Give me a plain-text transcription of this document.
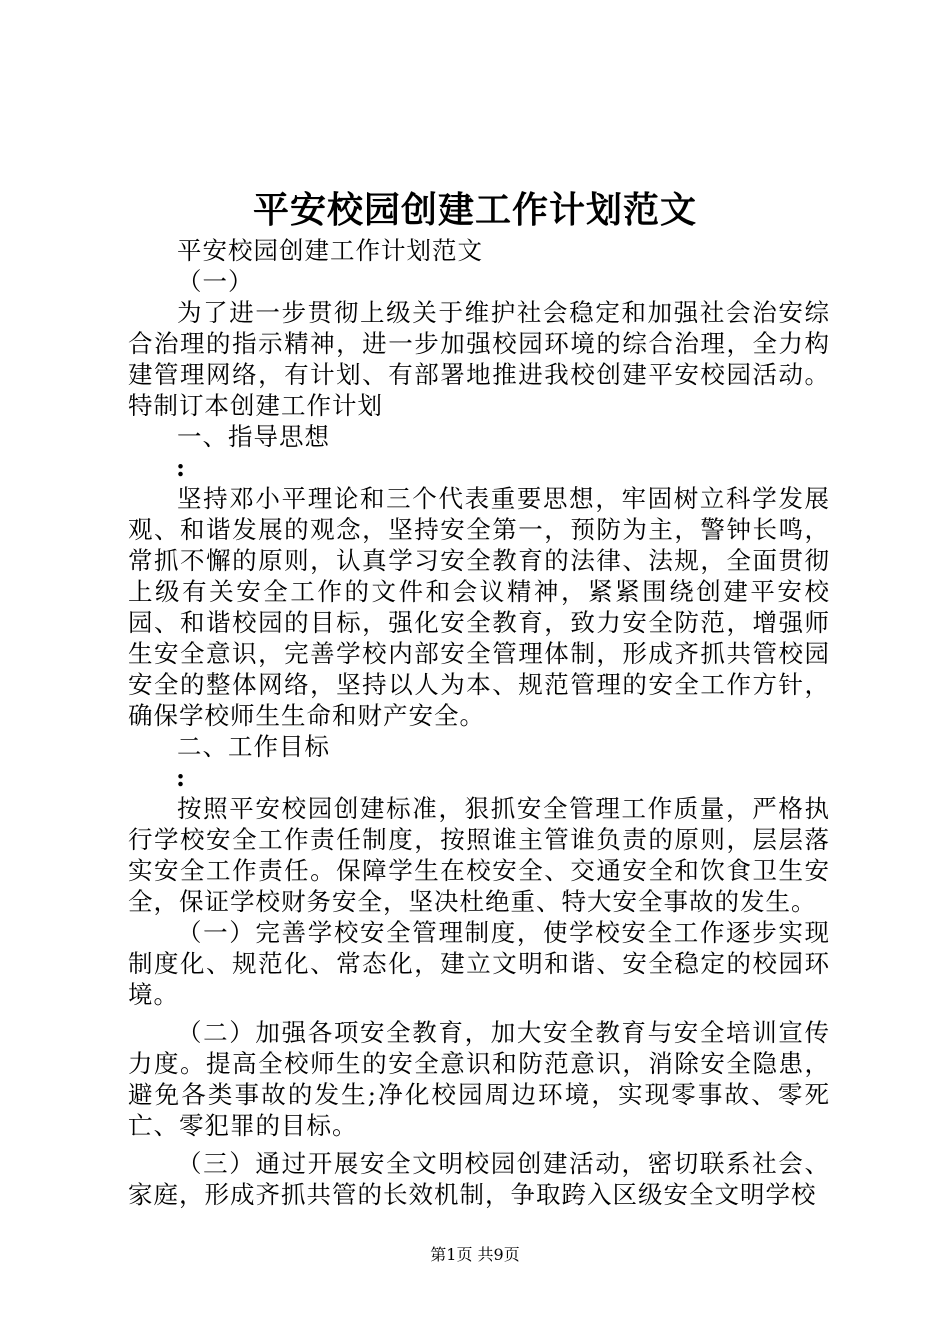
平安校园创建工作计划范文

平安校园创建工作计划范文

（一）

为了进一步贯彻上级关于维护社会稳定和加强社会治安综合治理的指示精神，进一步加强校园环境的综合治理，全力构建管理网络，有计划、有部署地推进我校创建平安校园活动。特制订本创建工作计划

一、指导思想

:

坚持邓小平理论和三个代表重要思想，牢固树立科学发展观、和谐发展的观念，坚持安全第一，预防为主，警钟长鸣，常抓不懈的原则，认真学习安全教育的法律、法规，全面贯彻上级有关安全工作的文件和会议精神，紧紧围绕创建平安校园、和谐校园的目标，强化安全教育，致力安全防范，增强师生安全意识，完善学校内部安全管理体制，形成齐抓共管校园安全的整体网络，坚持以人为本、规范管理的安全工作方针，确保学校师生生命和财产安全。

二、工作目标

:

按照平安校园创建标准，狠抓安全管理工作质量，严格执行学校安全工作责任制度，按照谁主管谁负责的原则，层层落实安全工作责任。保障学生在校安全、交通安全和饮食卫生安全，保证学校财务安全，坚决杜绝重、特大安全事故的发生。

（一）完善学校安全管理制度，使学校安全工作逐步实现制度化、规范化、常态化，建立文明和谐、安全稳定的校园环境。

（二）加强各项安全教育，加大安全教育与安全培训宣传力度。提高全校师生的安全意识和防范意识，消除安全隐患，避免各类事故的发生;净化校园周边环境，实现零事故、零死亡、零犯罪的目标。

（三）通过开展安全文明校园创建活动，密切联系社会、家庭，形成齐抓共管的长效机制，争取跨入区级安全文明学校

第1页 共9页
